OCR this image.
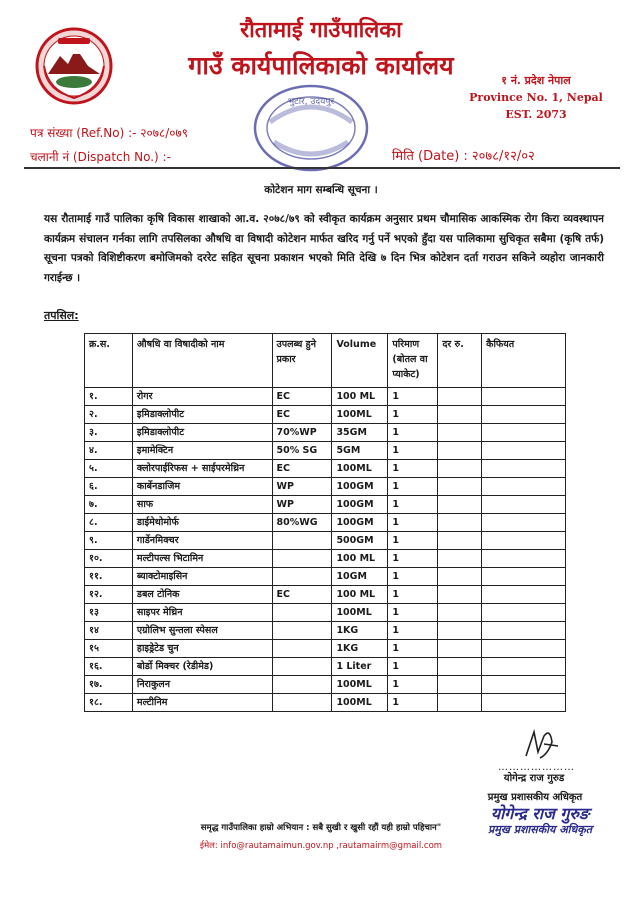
रौतामाई गाउँपालिका
गाउँ कार्यपालिकाको कार्यालय
१ नं. प्रदेश नेपाल
Province No. 1, Nepal
EST. 2073
भुटार, उदयपुर
पत्र संख्या (Ref.No) :- २०७८/०७९
चलानी नं (Dispatch No.) :-	मिति (Date) : २०७८/१२/०२
कोटेशन माग सम्बन्धि सूचना ।
यस रौतामाई गाउँ पालिका कृषि विकास शाखाको आ.व. २०७८/७९ को स्वीकृत कार्यक्रम अनुसार प्रथम चौमासिक आकस्मिक रोग किरा व्यवस्थापन कार्यक्रम संचालन गर्नका लागि तपसिलका औषधि वा विषादी कोटेशन मार्फत खरिद गर्नु पर्ने भएको हुँदा यस पालिकामा सुचिकृत सबैमा (कृषि तर्फ) सूचना पत्रको विशिष्टीकरण बमोजिमको दररेट सहित सूचना प्रकाशन भएको मिति देखि ७ दिन भित्र कोटेशन दर्ता गराउन सकिने व्यहोरा जानकारी गराईन्छ ।
तपसिल:
क्र.स.	औषधि वा विषादीको नाम	उपलब्ध हुने प्रकार	Volume	परिमाण (बोतल वा प्याकेट)	दर रु.	कैफियत
१.	रोगर	EC	100 ML	1		
२.	इमिडाक्लोपीट	EC	100ML	1		
३.	इमिडाक्लोपीट	70%WP	35GM	1		
४.	इमामेक्टिन	50% SG	5GM	1		
५.	क्लोरपाईरिफस + साईपरमेथ्रिन	EC	100ML	1		
६.	कार्बेनडाजिम	WP	100GM	1		
७.	साफ	WP	100GM	1		
८.	डाईमेथोमोर्फ	80%WG	100GM	1		
९.	गार्डेनमिक्चर		500GM	1		
१०.	मल्टीपल्स भिटामिन		100 ML	1		
११.	ब्याक्टोमाइसिन		10GM	1		
१२.	डबल टोनिक	EC	100 ML	1		
१३	साइपर मेथ्रिन		100ML	1		
१४	एग्रोलिभ सुन्तला स्पेसल		1KG	1		
१५	हाइड्रेटेड चुन		1KG	1		
१६.	बोर्डो मिक्चर (रेडीमेड)		1 Liter	1		
१७.	निराकुलन		100ML	1		
१८.	मल्टीनिम		100ML	1		
…………………
योगेन्द्र राज गुरुड
प्रमुख प्रशासकीय अधिकृत
योगेन्द्र राज गुरुङ
प्रमुख प्रशासकीय अधिकृत
समृद्ध गाउँपालिका हाम्रो अभियान : सबै सुखी र खुसी रहौं यही हाम्रो पहिचान"
ईमेल: info@rautamaimun.gov.np ,rautamairm@gmail.com
